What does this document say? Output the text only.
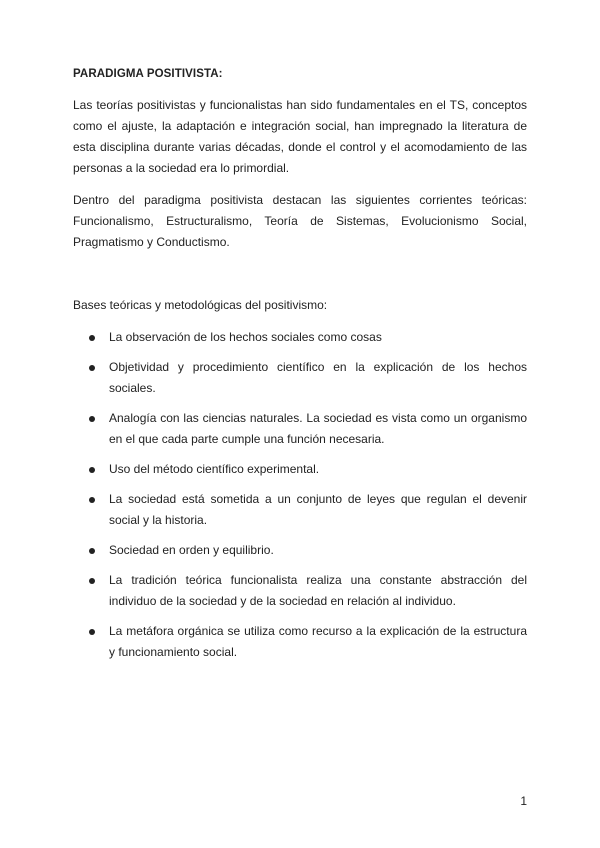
PARADIGMA POSITIVISTA:

Las teorías positivistas y funcionalistas han sido fundamentales en el TS, conceptos como el ajuste, la adaptación e integración social, han impregnado la literatura de esta disciplina durante varias décadas, donde el control y el acomodamiento de las personas a la sociedad era lo primordial.

Dentro del paradigma positivista destacan las siguientes corrientes teóricas: Funcionalismo, Estructuralismo, Teoría de Sistemas, Evolucionismo Social, Pragmatismo y Conductismo.

Bases teóricas y metodológicas del positivismo:

La observación de los hechos sociales como cosas
Objetividad y procedimiento científico en la explicación de los hechos sociales.
Analogía con las ciencias naturales. La sociedad es vista como un organismo en el que cada parte cumple una función necesaria.
Uso del método científico experimental.
La sociedad está sometida a un conjunto de leyes que regulan el devenir social y la historia.
Sociedad en orden y equilibrio.
La tradición teórica funcionalista realiza una constante abstracción del individuo de la sociedad y de la sociedad en relación al individuo.
La metáfora orgánica se utiliza como recurso a la explicación de la estructura y funcionamiento social.
1
